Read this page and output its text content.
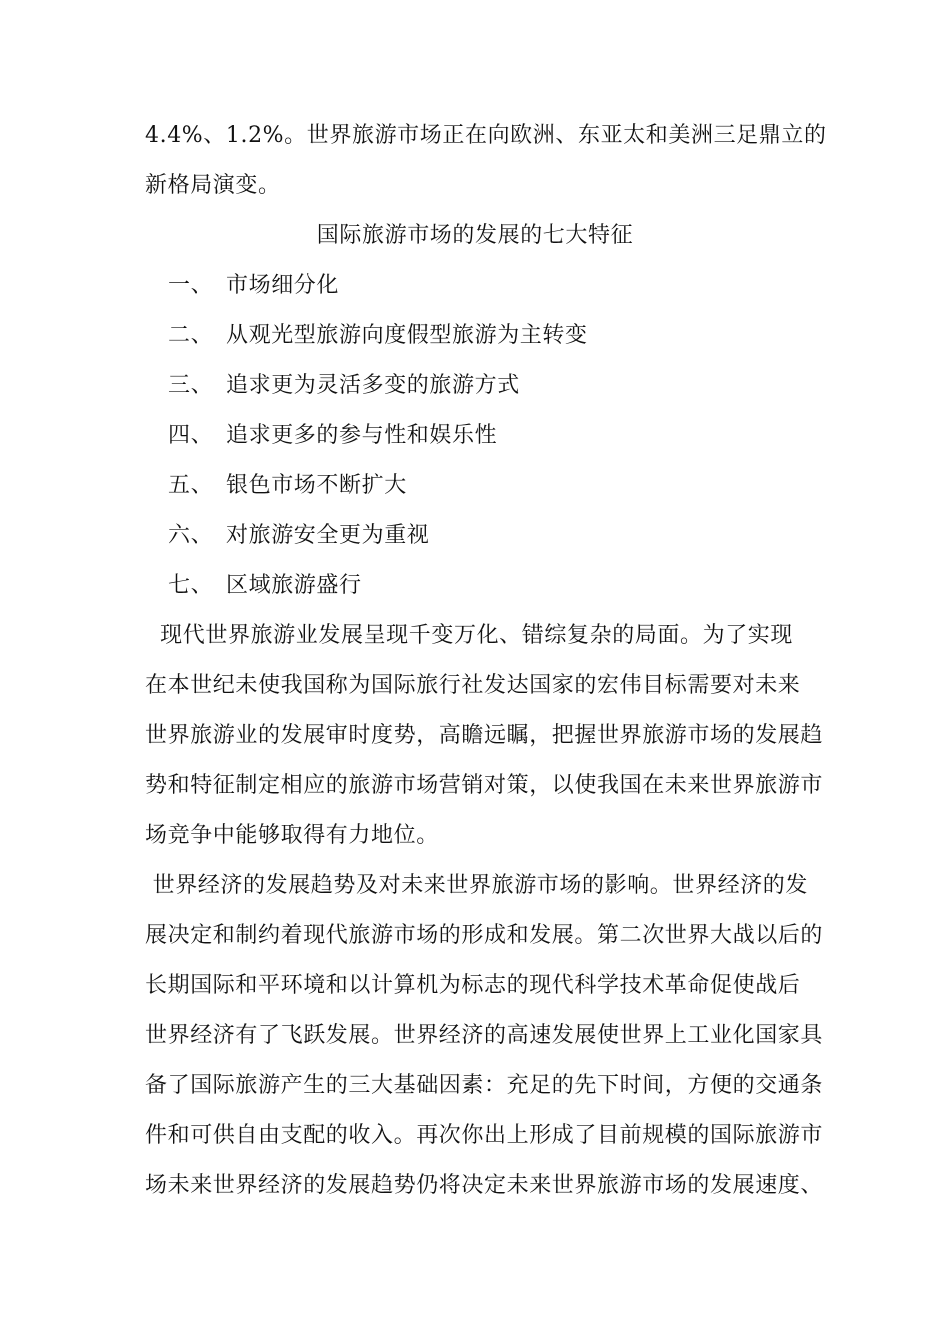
4.4%、1.2%。世界旅游市场正在向欧洲、东亚太和美洲三足鼎立的
新格局演变。
国际旅游市场的发展的七大特征
一、 市场细分化
二、 从观光型旅游向度假型旅游为主转变
三、 追求更为灵活多变的旅游方式
四、 追求更多的参与性和娱乐性
五、 银色市场不断扩大
六、 对旅游安全更为重视
七、 区域旅游盛行
现代世界旅游业发展呈现千变万化、错综复杂的局面。为了实现
在本世纪未使我国称为国际旅行社发达国家的宏伟目标需要对未来
世界旅游业的发展审时度势，高瞻远瞩，把握世界旅游市场的发展趋
势和特征制定相应的旅游市场营销对策，以使我国在未来世界旅游市
场竞争中能够取得有力地位。
世界经济的发展趋势及对未来世界旅游市场的影响。世界经济的发
展决定和制约着现代旅游市场的形成和发展。第二次世界大战以后的
长期国际和平环境和以计算机为标志的现代科学技术革命促使战后
世界经济有了飞跃发展。世界经济的高速发展使世界上工业化国家具
备了国际旅游产生的三大基础因素：充足的先下时间，方便的交通条
件和可供自由支配的收入。再次你出上形成了目前规模的国际旅游市
场未来世界经济的发展趋势仍将决定未来世界旅游市场的发展速度、
